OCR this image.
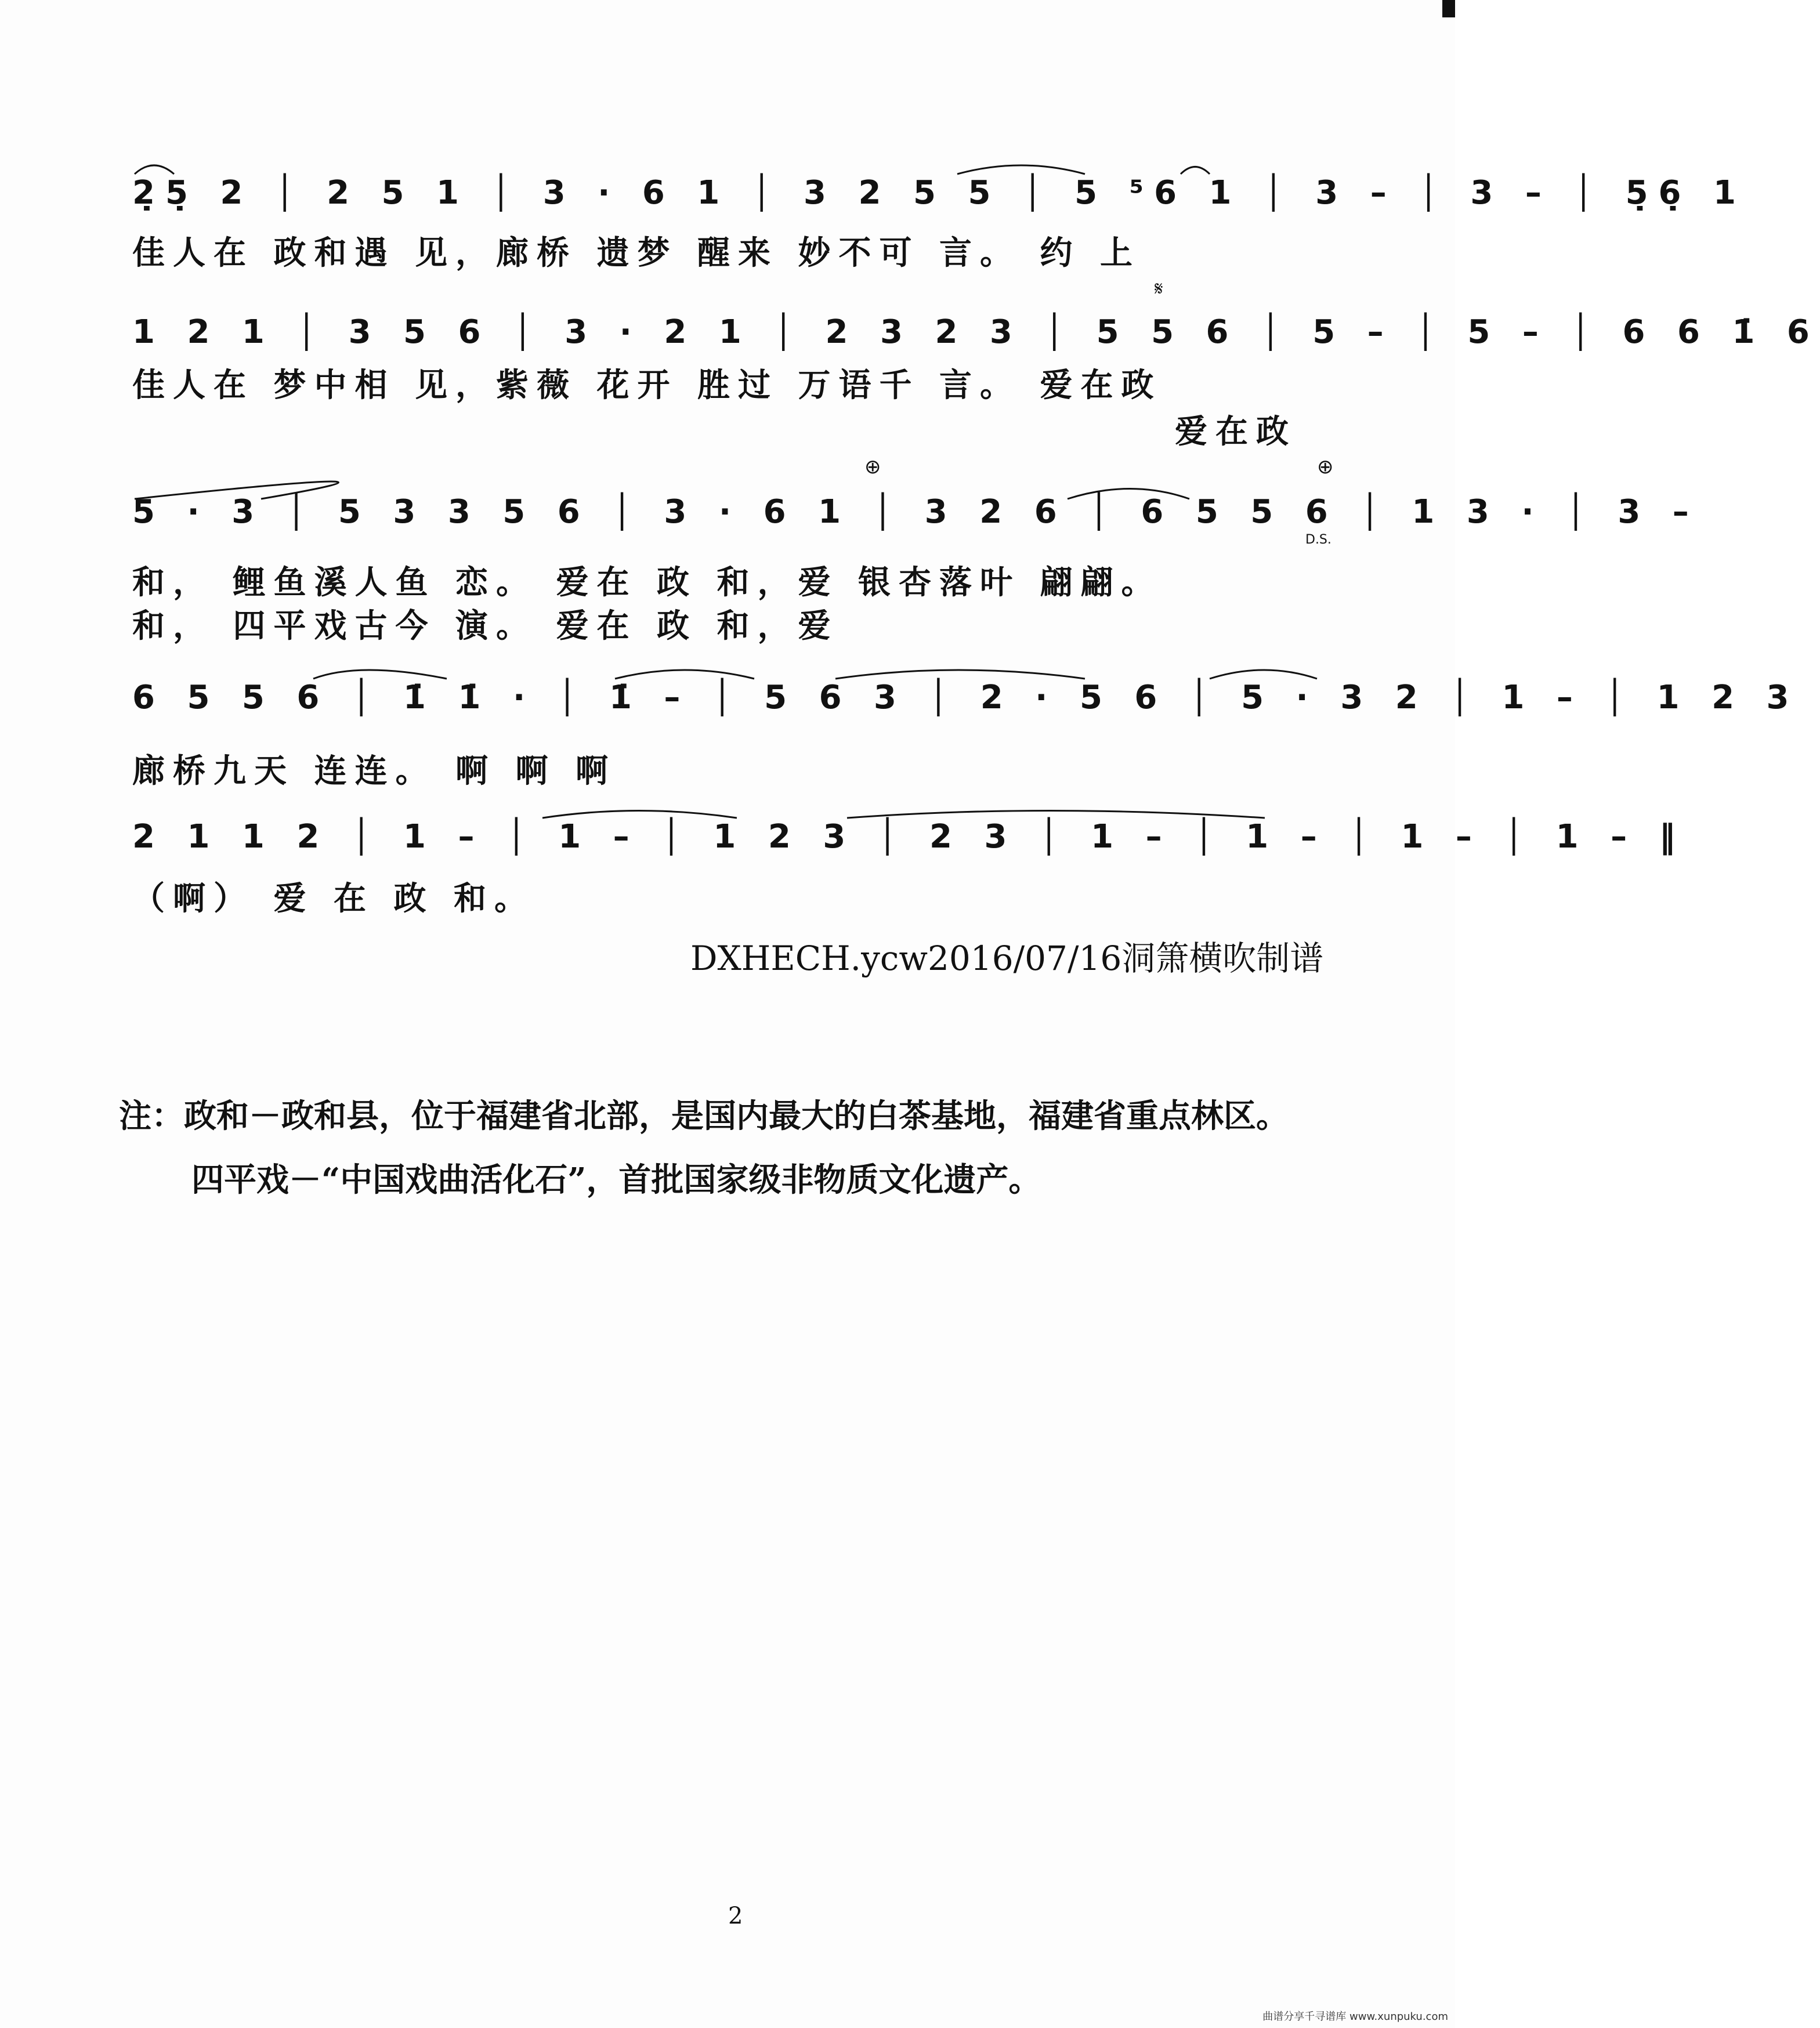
2̣5̣ 2 │ 2 5 1 │ 3 · 6 1 │ 3 2 5 5 │ 5 ⁵6 1 │ 3 – │ 3 – │ 5̣6̣ 1
佳人在 政和遇 见，廊桥 遗梦 醒来 妙不可 言。 约 上
𝄋
1 2 1 │ 3 5 6 │ 3 · 2 1 │ 2 3 2 3 │ 5 5 6 │ 5 – │ 5 – │ 6 6 1̇ 6
佳人在 梦中相 见，紫薇 花开 胜过 万语千 言。 爱在政
爱在政
⊕	⊕
5 · 3 │ 5 3 3 5 6 │ 3 · 6 1 │ 3 2 6 │ 6 5 5 6 │ 1 3 · │ 3 –
D.S.
和， 鲤鱼溪人鱼 恋。 爱在 政 和，爱 银杏落叶 翩翩。
和， 四平戏古今 演。 爱在 政 和，爱
6 5 5 6 │ 1̇ 1̇ · │ 1̇ – │ 5 6 3 │ 2 · 5 6 │ 5 · 3 2 │ 1 – │ 1 2 3
廊桥九天 连连。 啊 啊 啊
2 1 1 2 │ 1 – │ 1 – │ 1 2 3 │ 2 3 │ 1 – │ 1 – │ 1 – │ 1 – ‖
（啊） 爱 在 政 和。
DXHECH.ycw2016/07/16洞箫横吹制谱
注：政和－政和县，位于福建省北部，是国内最大的白茶基地，福建省重点林区。
四平戏－“中国戏曲活化石”，首批国家级非物质文化遗产。
2
曲谱分享千寻谱库 www.xunpuku.com
